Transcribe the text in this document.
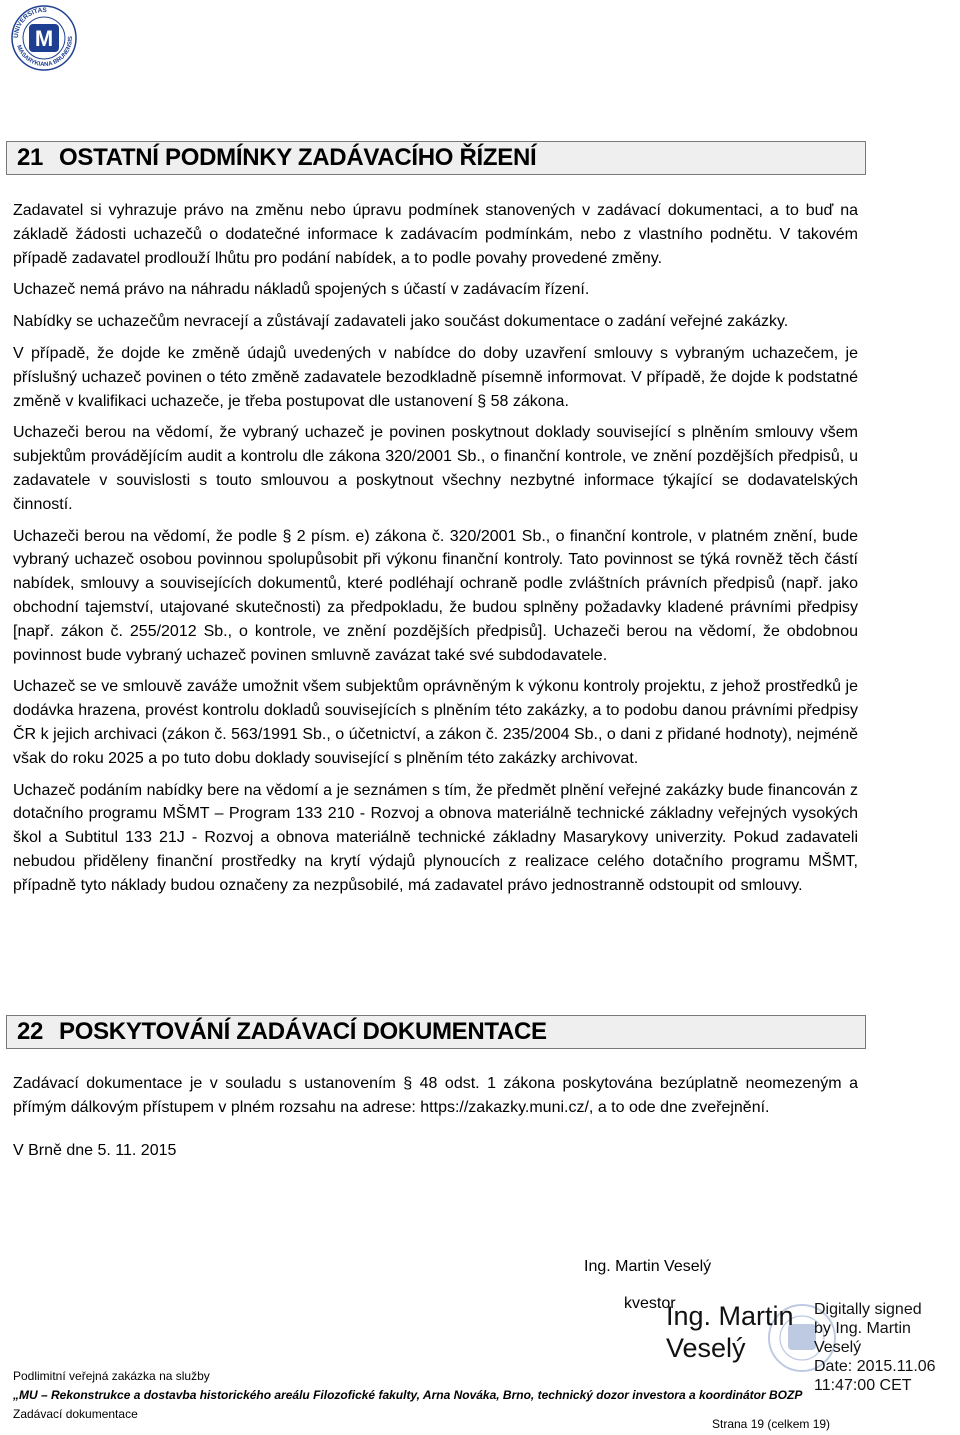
UNIVERSITAS
MASARYKIANA BRUNENSIS
M
21 OSTATNÍ PODMÍNKY ZADÁVACÍHO ŘÍZENÍ

Zadavatel si vyhrazuje právo na změnu nebo úpravu podmínek stanovených v zadávací dokumentaci, a to buď na základě žádosti uchazečů o dodatečné informace k zadávacím podmínkám, nebo z vlastního podnětu. V takovém případě zadavatel prodlouží lhůtu pro podání nabídek, a to podle povahy provedené změny.

Uchazeč nemá právo na náhradu nákladů spojených s účastí v zadávacím řízení.

Nabídky se uchazečům nevracejí a zůstávají zadavateli jako součást dokumentace o zadání veřejné zakázky.

V případě, že dojde ke změně údajů uvedených v nabídce do doby uzavření smlouvy s vybraným uchazečem, je příslušný uchazeč povinen o této změně zadavatele bezodkladně písemně informovat. V případě, že dojde k podstatné změně v kvalifikaci uchazeče, je třeba postupovat dle ustanovení § 58 zákona.

Uchazeči berou na vědomí, že vybraný uchazeč je povinen poskytnout doklady související s plněním smlouvy všem subjektům provádějícím audit a kontrolu dle zákona 320/2001 Sb., o finanční kontrole, ve znění pozdějších předpisů, u zadavatele v souvislosti s touto smlouvou a poskytnout všechny nezbytné informace týkající se dodavatelských činností.

Uchazeči berou na vědomí, že podle § 2 písm. e) zákona č. 320/2001 Sb., o finanční kontrole, v platném znění, bude vybraný uchazeč osobou povinnou spolupůsobit při výkonu finanční kontroly. Tato povinnost se týká rovněž těch částí nabídek, smlouvy a souvisejících dokumentů, které podléhají ochraně podle zvláštních právních předpisů (např. jako obchodní tajemství, utajované skutečnosti) za předpokladu, že budou splněny požadavky kladené právními předpisy [např. zákon č. 255/2012 Sb., o kontrole, ve znění pozdějších předpisů]. Uchazeči berou na vědomí, že obdobnou povinnost bude vybraný uchazeč povinen smluvně zavázat také své subdodavatele.

Uchazeč se ve smlouvě zaváže umožnit všem subjektům oprávněným k výkonu kontroly projektu, z jehož prostředků je dodávka hrazena, provést kontrolu dokladů souvisejících s plněním této zakázky, a to podobu danou právními předpisy ČR k jejich archivaci (zákon č. 563/1991 Sb., o účetnictví, a zákon č. 235/2004 Sb., o dani z přidané hodnoty), nejméně však do roku 2025 a po tuto dobu doklady související s plněním této zakázky archivovat.

Uchazeč podáním nabídky bere na vědomí a je seznámen s tím, že předmět plnění veřejné zakázky bude financován z dotačního programu MŠMT – Program 133 210 - Rozvoj a obnova materiálně technické základny veřejných vysokých škol a Subtitul 133 21J - Rozvoj a obnova materiálně technické základny Masarykovy univerzity. Pokud zadavateli nebudou přiděleny finanční prostředky na krytí výdajů plynoucích z realizace celého dotačního programu MŠMT, případně tyto náklady budou označeny za nezpůsobilé, má zadavatel právo jednostranně odstoupit od smlouvy.

22 POSKYTOVÁNÍ ZADÁVACÍ DOKUMENTACE

Zadávací dokumentace je v souladu s ustanovením § 48 odst. 1 zákona poskytována bezúplatně neomezeným a přímým dálkovým přístupem v plném rozsahu na adrese: https://zakazky.muni.cz/, a to ode dne zveřejnění.

V Brně dne 5. 11. 2015
Ing. Martin Veselý
kvestor
Ing. Martin
Veselý
Digitally signed
by Ing. Martin
Veselý
Date: 2015.11.06
11:47:00 CET
Podlimitní veřejná zakázka na služby
„MU – Rekonstrukce a dostavba historického areálu Filozofické fakulty, Arna Nováka, Brno, technický dozor investora a koordinátor BOZP
Zadávací dokumentace
Strana 19 (celkem 19)
